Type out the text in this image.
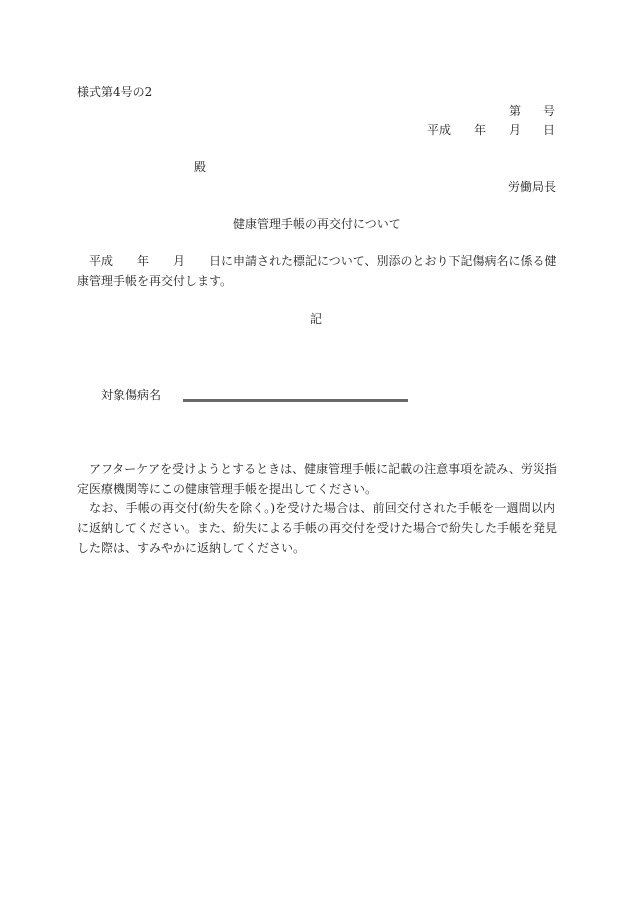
様式第4号の2
第 号
平成 年 月 日
殿
労働局長
健康管理手帳の再交付について
　平成　　年　　月　　日に申請された標記について、別添のとおり下記傷病名に係る健
康管理手帳を再交付します。
記
対象傷病名
　アフターケアを受けようとするときは、健康管理手帳に記載の注意事項を読み、労災指
定医療機関等にこの健康管理手帳を提出してください。
　なお、手帳の再交付(紛失を除く。)を受けた場合は、前回交付された手帳を一週間以内
に返納してください。また、紛失による手帳の再交付を受けた場合で紛失した手帳を発見
した際は、すみやかに返納してください。
